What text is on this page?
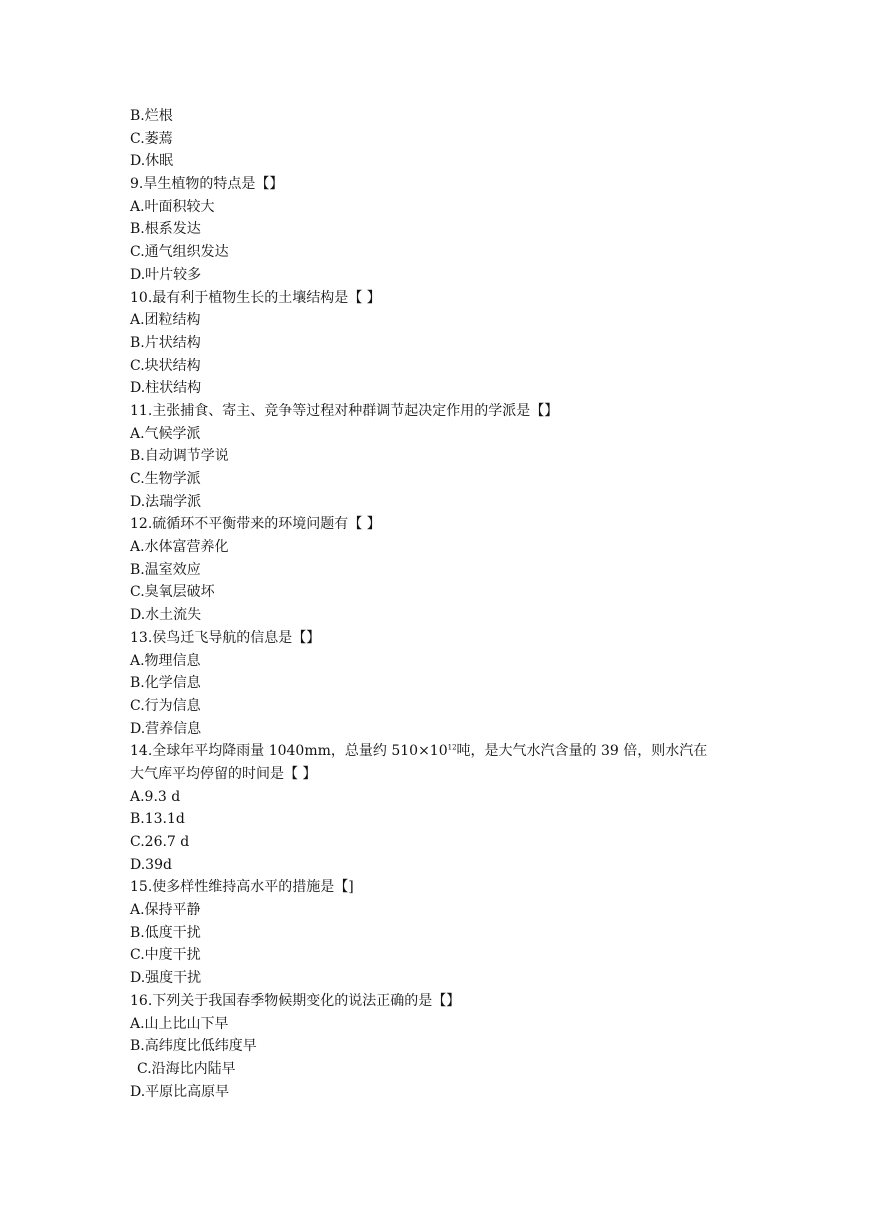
B.烂根
C.萎蔫
D.休眠
9.旱生植物的特点是【】
A.叶面积较大
B.根系发达
C.通气组织发达
D.叶片较多
10.最有利于植物生长的土壤结构是【 】
A.团粒结构
B.片状结构
C.块状结构
D.柱状结构
11.主张捕食、寄主、竞争等过程对种群调节起决定作用的学派是【】
A.气候学派
B.自动调节学说
C.生物学派
D.法瑞学派
12.硫循环不平衡带来的环境问题有【 】
A.水体富营养化
B.温室效应
C.臭氧层破坏
D.水土流失
13.侯鸟迁飞导航的信息是【】
A.物理信息
B.化学信息
C.行为信息
D.营养信息
14.全球年平均降雨量 1040mm，总量约 $510\times 10^{12}$吨，是大气水汽含量的 39 倍，则水汽在
大气库平均停留的时间是【 】
A.9.3 d
B.13.1d
C.26.7 d
D.39d
15.使多样性维持高水平的措施是【]
A.保持平静
B.低度干扰
C.中度干扰
D.强度干扰
16.下列关于我国春季物候期变化的说法正确的是【】
A.山上比山下早
B.高纬度比低纬度早
C.沿海比内陆早
D.平原比高原早
